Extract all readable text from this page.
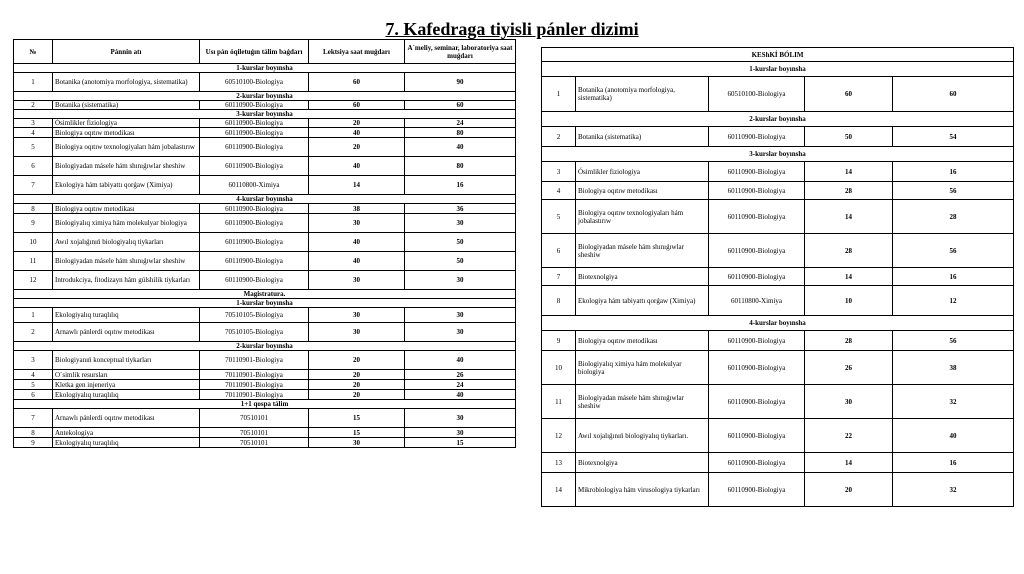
7. Kafedraga tiyisli pánler dizimi
№	Pánnin atı	Usı pán óqiletuǵın tálim baǵdarı	Lektsiya saat muǵdarı	A`meliy, seminar, laboratoriya saat muǵdarı
1-kurslar boyınsha				
1	Botanika (anotomiya morfologiya, sistematika)	60510100-Biologiya	60	90
2-kurslar boyınsha				
2	Botanika (sistematika)	60110900-Biologiya	60	60
3-kurslar boyınsha				
3	Ósimlikler fiziologiya	60110900-Biologiya	20	24
4	Biologiya oqıtıw metodikası	60110900-Biologiya	40	80
5	Biologiya oqıtıw texnologiyaları hám jobalastırıw	60110900-Biologiya	20	40
6	Biologiyadan másele hám shınıǵıwlar sheshiw	60110900-Biologiya	40	80
7	Ekologiya hám tabiyattı qorǵaw (Ximiya)	60110800-Ximiya	14	16
4-kurslar boyınsha				
8	Biologiya oqıtıw metodikası	60110900-Biologiya	38	36
9	Biologiyalıq ximiya hám molekulyar biologiya	60110900-Biologiya	30	30
10	Awıl xojalıǵınıń biologiyalıq tiykarları	60110900-Biologiya	40	50
11	Biologiyadan másele hám shınıǵıwlar sheshiw	60110900-Biologiya	40	50
12	Introdukciya, fitodizayn hám gúlshilik tiykarları	60110900-Biologiya	30	30
Magistratura.				
1-kurslar boyınsha				
1	Ekologiyalıq turaqlılıq	70510105-Biologiya	30	30
2	Arnawlı pánlerdi oqıtıw metodikası	70510105-Biologiya	30	30
2-kurslar boyınsha				
3	Biologiyanıń konceptual tiykarları	70110901-Biologiya	20	40
4	O`simlik resursları	70110901-Biologiya	20	26
5	Kletka gen injeneriya	70110901-Biologiya	20	24
6	Ekologiyalıq turaqlılıq	70110901-Biologiya	20	40
1+1 qospa tálim				
7	Arnawlı pánlerdi oqıtıw metodikası	70510101	15	30
8	Antekologiya	70510101	15	30
9	Ekologiyalıq turaqlılıq	70510101	30	15
KEShKÍ BÓLIM				
1-kurslar boyınsha				
1	Botanika (anotomiya morfologiya, sistematika)	60510100-Biologiya	60	60
2-kurslar boyınsha				
2	Botanika (sistematika)	60110900-Biologiya	50	54
3-kurslar boyınsha				
3	Ósimlikler fiziologiya	60110900-Biologiya	14	16
4	Biologiya oqıtıw metodikası	60110900-Biologiya	28	56
5	Biologiya oqıtıw texnologiyaları hám jobalastırıw	60110900-Biologiya	14	28
6	Biologiyadan másele hám shınıǵıwlar sheshiw	60110900-Biologiya	28	56
7	Biotexnolgiya	60110900-Biologiya	14	16
8	Ekologiya hám tabiyattı qorǵaw (Ximiya)	60110800-Ximiya	10	12
4-kurslar boyınsha				
9	Biologiya oqıtıw metodikası	60110900-Biologiya	28	56
10	Biologiyalıq ximiya hám molekulyar biologiya	60110900-Biologiya	26	38
11	Biologiyadan másele hám shınıǵıwlar sheshiw	60110900-Biologiya	30	32
12	Awıl xojalıǵınıń biologiyalıq tiykarları.	60110900-Biologiya	22	40
13	Biotexnolgiya	60110900-Biologiya	14	16
14	Mikrobiologiya hám virusologiya tiykarları	60110900-Biologiya	20	32
